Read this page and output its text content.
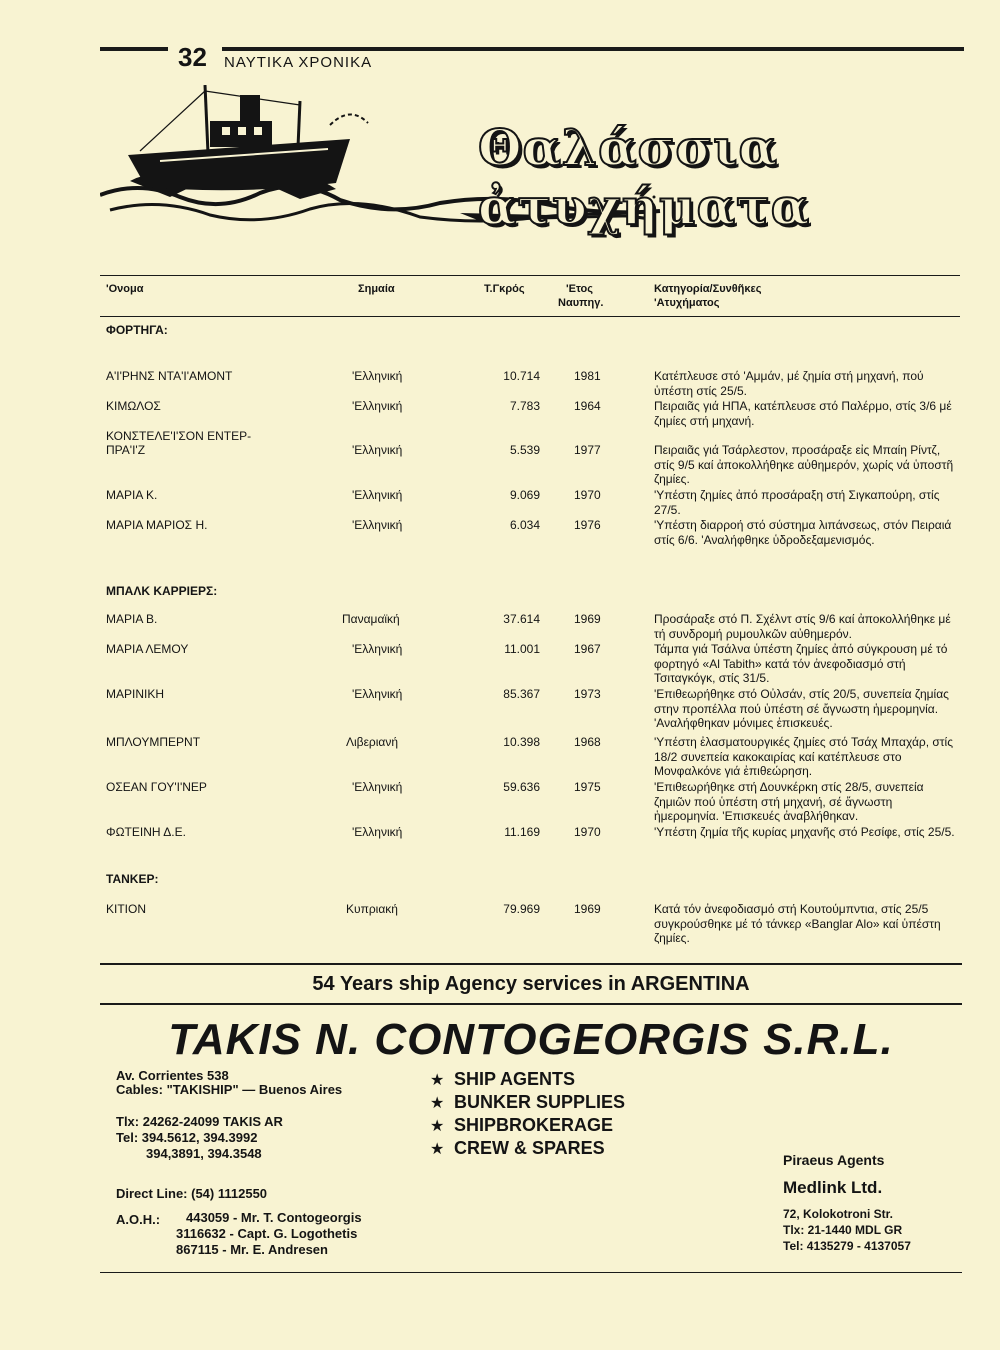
32 ΝΑΥΤΙΚΑ ΧΡΟΝΙΚΑ
Θαλάσσια ἀτυχήματα
'Ονομα	Σημαία	Τ.Γκρός	'Ετος
Ναυπηγ.
Κατηγορία/Συνθῆκες
'Ατυχήματος
ΦΟΡΤΗΓΑ:
ΜΠΑΛΚ ΚΑΡΡΙΕΡΣ:
ΤΑΝΚΕΡ:
Α'Ι'ΡΗΝΣ ΝΤΑ'Ι'ΑΜΟΝΤ	'Ελληνική	10.714	1981	Κατέπλευσε στό 'Αμμάν, μέ ζημία στή μηχανή, πού ὑπέστη στίς 25/5.
ΚΙΜΩΛΟΣ	'Ελληνική	7.783	1964	Πειραιᾶς γιά ΗΠΑ, κατέπλευσε στό Παλέρμο, στίς 3/6 μέ ζημίες στή μηχανή.
ΚΟΝΣΤΕΛΕ'Ι'ΣΟΝ ΕΝΤΕΡ-
ΠΡΑ'Ι'Ζ	'Ελληνική	5.539	1977	Πειραιᾶς γιά Τσάρλεστον, προσάραξε εἰς Μπαίη Ρίντζ, στίς 9/5 καί ἀποκολλήθηκε αὐθημερόν, χωρίς νά ὑποστῆ ζημίες.
ΜΑΡΙΑ Κ.	'Ελληνική	9.069	1970	'Υπέστη ζημίες ἀπό προσάραξη στή Σιγκαπούρη, στίς 27/5.
ΜΑΡΙΑ ΜΑΡΙΟΣ Η.	'Ελληνική	6.034	1976	'Υπέστη διαρροή στό σύστημα λιπάνσεως, στόν Πειραιά στίς 6/6. 'Αναλήφθηκε ὑδροδεξαμενισμός.
ΜΑΡΙΑ Β.	Παναμαϊκή	37.614	1969	Προσάραξε στό Π. Σχέλντ στίς 9/6 καί ἀποκολλήθηκε μέ τή συνδρομή ρυμουλκῶν αὐθημερόν.
ΜΑΡΙΑ ΛΕΜΟΥ	'Ελληνική	11.001	1967	Τάμπα γιά Τσάλνα ὑπέστη ζημίες ἀπό σύγκρουση μέ τό φορτηγό «Al Tabith» κατά τόν ἀνεφοδιασμό στή Τσιταγκόγκ, στίς 31/5.
ΜΑΡΙΝΙΚΗ	'Ελληνική	85.367	1973	'Επιθεωρήθηκε στό Οὐλσάν, στίς 20/5, συνεπεία ζημίας στην προπέλλα πού ὑπέστη σέ ἄγνωστη ἡμερομηνία. 'Αναλήφθηκαν μόνιμες ἐπισκευές.
ΜΠΛΟΥΜΠΕΡΝΤ	Λιβεριανή	10.398	1968	'Υπέστη ἐλασματουργικές ζημίες στό Τσάχ Μπαχάρ, στίς 18/2 συνεπεία κακοκαιρίας καί κατέπλευσε στο Μονφαλκόνε γιά ἐπιθεώρηση.
ΟΣΕΑΝ ΓΟΥ'Ι'ΝΕΡ	'Ελληνική	59.636	1975	'Επιθεωρήθηκε στή Δουνκέρκη στίς 28/5, συνεπεία ζημιῶν πού ὑπέστη στή μηχανή, σέ ἄγνωστη ἡμερομηνία. 'Επισκευές ἀναβλήθηκαν.
ΦΩΤΕΙΝΗ Δ.Ε.	'Ελληνική	11.169	1970	'Υπέστη ζημία τῆς κυρίας μηχανῆς στό Ρεσίφε, στίς 25/5.
ΚΙΤΙΟΝ	Κυπριακή	79.969	1969	Κατά τόν ἀνεφοδιασμό στή Κουτούμπντια, στίς 25/5 συγκρούσθηκε μέ τό τάνκερ «Banglar Alo» καί ὑπέστη ζημίες.
54 Years ship Agency services in ARGENTINA
TAKIS N. CONTOGEORGIS S.R.L.
Av. Corrientes 538
Cables: "TAKISHIP" — Buenos Aires
Tlx: 24262-24099 TAKIS AR
Tel: 394.5612, 394.3992
394,3891, 394.3548
Direct Line: (54) 1112550
A.O.H.: 443059 - Mr. T. Contogeorgis
3116632 - Capt. G. Logothetis
867115 - Mr. E. Andresen
★ SHIP AGENTS
★ BUNKER SUPPLIES
★ SHIPBROKERAGE
★ CREW & SPARES
Piraeus Agents
Medlink Ltd.
72, Kolokotroni Str.
Tlx: 21-1440 MDL GR
Tel: 4135279 - 4137057
